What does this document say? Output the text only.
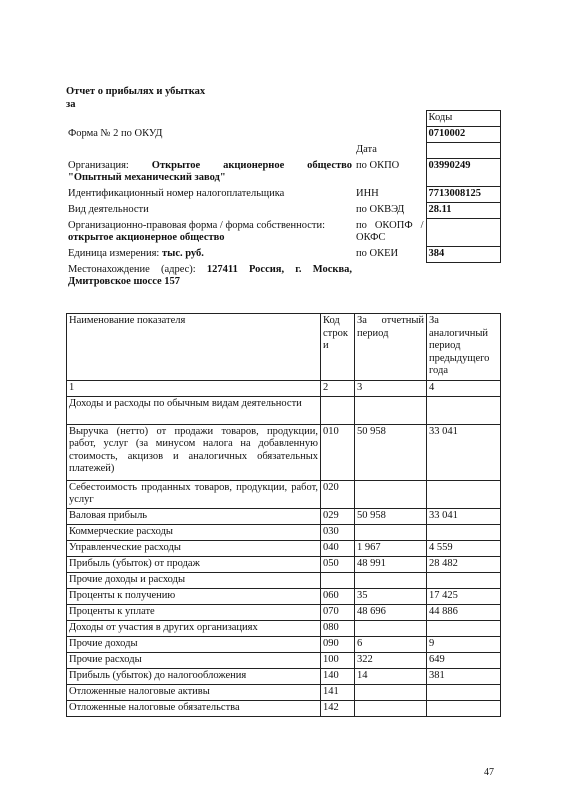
Отчет о прибылях и убытках
за
		Коды
Форма № 2 по ОКУД		0710002
	Дата	

Организация: Открытое акционерное общество
"Опытный механический завод"	по ОКПО	03990249
Идентификационный номер налогоплательщика	ИНН	7713008125
Вид деятельности	по ОКВЭД	28.11

Организационно-правовая форма / форма собственности:
открытое акционерное общество	по ОКОПФ / ОКФС	
Единица измерения: тыс. руб.	по ОКЕИ	384

Местонахождение (адрес): 127411 Россия, г. Москва,
Дмитровское шоссе 157		

Наименование показателя	Код строк и	За отчетный период	За аналогичный период предыдущего года
1	2	3	4
Доходы и расходы по обычным видам деятельности			
Выручка (нетто) от продажи товаров, продукции, работ, услуг (за минусом налога на добавленную стоимость, акцизов и аналогичных обязательных платежей)	010	50 958	33 041
Себестоимость проданных товаров, продукции, работ, услуг	020		
Валовая прибыль	029	50 958	33 041
Коммерческие расходы	030		
Управленческие расходы	040	1 967	4 559
Прибыль (убыток) от продаж	050	48 991	28 482
Прочие доходы и расходы			
Проценты к получению	060	35	17 425
Проценты к уплате	070	48 696	44 886
Доходы от участия в других организациях	080		
Прочие доходы	090	6	9
Прочие расходы	100	322	649
Прибыль (убыток) до налогообложения	140	14	381
Отложенные налоговые активы	141		
Отложенные налоговые обязательства	142		
47
